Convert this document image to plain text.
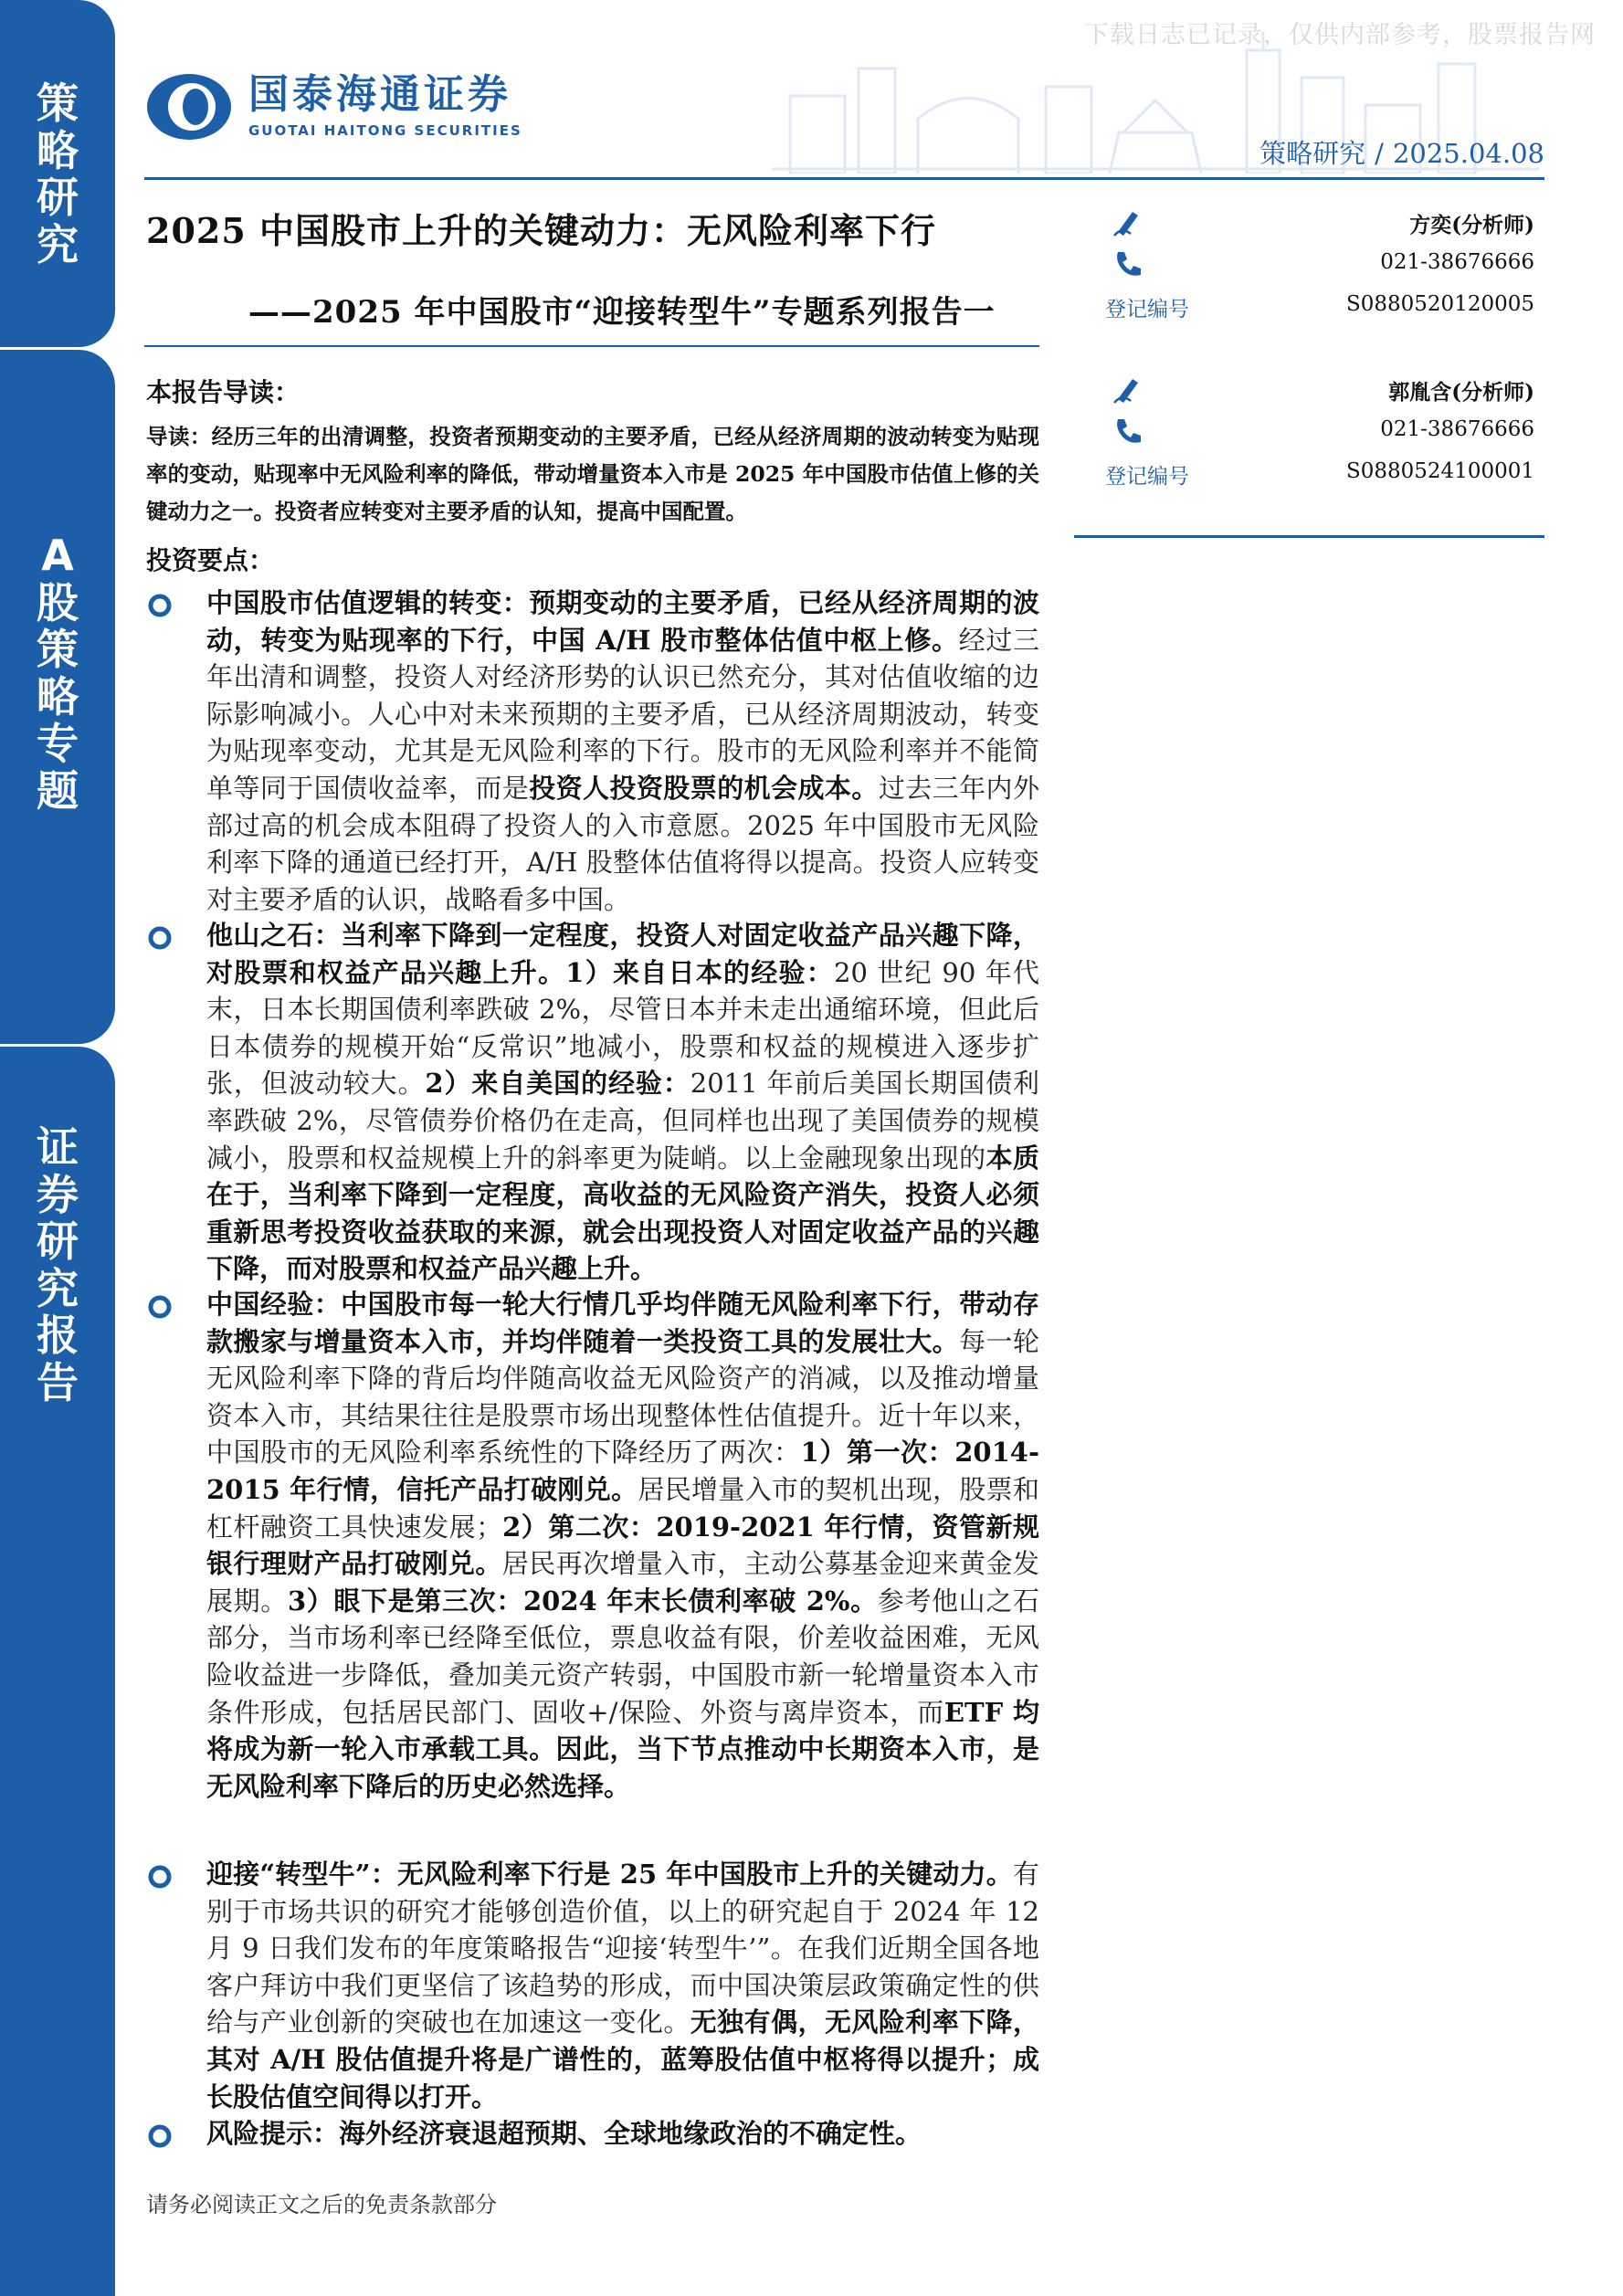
下载日志已记录，仅供内部参考，股票报告网
策
略
研
究
A
股
策
略
专
题
证
券
研
究
报
告
国泰海通证券
GUOTAI HAITONG SECURITIES
策略研究 / 2025.04.08
2025 中国股市上升的关键动力：无风险利率下行
——2025 年中国股市“迎接转型牛”专题系列报告一
方奕(分析师)
021-38676666
登记编号	S0880520120005
郭胤含(分析师)
021-38676666
登记编号	S0880524100001
本报告导读：
导读：经历三年的出清调整，投资者预期变动的主要矛盾，已经从经济周期的波动转变为贴现率的变动，贴现率中无风险利率的降低，带动增量资本入市是 2025 年中国股市估值上修的关键动力之一。投资者应转变对主要矛盾的认知，提高中国配置。
投资要点：
中国股市估值逻辑的转变：预期变动的主要矛盾，已经从经济周期的波动，转变为贴现率的下行，中国 A/H 股市整体估值中枢上修。经过三年出清和调整，投资人对经济形势的认识已然充分，其对估值收缩的边际影响减小。人心中对未来预期的主要矛盾，已从经济周期波动，转变为贴现率变动，尤其是无风险利率的下行。股市的无风险利率并不能简单等同于国债收益率，而是投资人投资股票的机会成本。过去三年内外部过高的机会成本阻碍了投资人的入市意愿。2025 年中国股市无风险利率下降的通道已经打开，A/H 股整体估值将得以提高。投资人应转变对主要矛盾的认识，战略看多中国。
他山之石：当利率下降到一定程度，投资人对固定收益产品兴趣下降，对股票和权益产品兴趣上升。1）来自日本的经验：20 世纪 90 年代末，日本长期国债利率跌破 2%，尽管日本并未走出通缩环境，但此后日本债券的规模开始“反常识”地减小，股票和权益的规模进入逐步扩张，但波动较大。2）来自美国的经验：2011 年前后美国长期国债利率跌破 2%，尽管债券价格仍在走高，但同样也出现了美国债券的规模减小，股票和权益规模上升的斜率更为陡峭。以上金融现象出现的本质在于，当利率下降到一定程度，高收益的无风险资产消失，投资人必须重新思考投资收益获取的来源，就会出现投资人对固定收益产品的兴趣下降，而对股票和权益产品兴趣上升。
中国经验：中国股市每一轮大行情几乎均伴随无风险利率下行，带动存款搬家与增量资本入市，并均伴随着一类投资工具的发展壮大。每一轮无风险利率下降的背后均伴随高收益无风险资产的消减，以及推动增量资本入市，其结果往往是股票市场出现整体性估值提升。近十年以来，中国股市的无风险利率系统性的下降经历了两次：1）第一次：2014-2015 年行情，信托产品打破刚兑。居民增量入市的契机出现，股票和杠杆融资工具快速发展；2）第二次：2019-2021 年行情，资管新规银行理财产品打破刚兑。居民再次增量入市，主动公募基金迎来黄金发展期。3）眼下是第三次：2024 年末长债利率破 2%。参考他山之石部分，当市场利率已经降至低位，票息收益有限，价差收益困难，无风险收益进一步降低，叠加美元资产转弱，中国股市新一轮增量资本入市条件形成，包括居民部门、固收+/保险、外资与离岸资本，而ETF 均将成为新一轮入市承载工具。因此，当下节点推动中长期资本入市，是无风险利率下降后的历史必然选择。
迎接“转型牛”：无风险利率下行是 25 年中国股市上升的关键动力。有别于市场共识的研究才能够创造价值，以上的研究起自于 2024 年 12 月 9 日我们发布的年度策略报告“迎接‘转型牛’”。在我们近期全国各地客户拜访中我们更坚信了该趋势的形成，而中国决策层政策确定性的供给与产业创新的突破也在加速这一变化。无独有偶，无风险利率下降，其对 A/H 股估值提升将是广谱性的，蓝筹股估值中枢将得以提升；成长股估值空间得以打开。
风险提示：海外经济衰退超预期、全球地缘政治的不确定性。
请务必阅读正文之后的免责条款部分
